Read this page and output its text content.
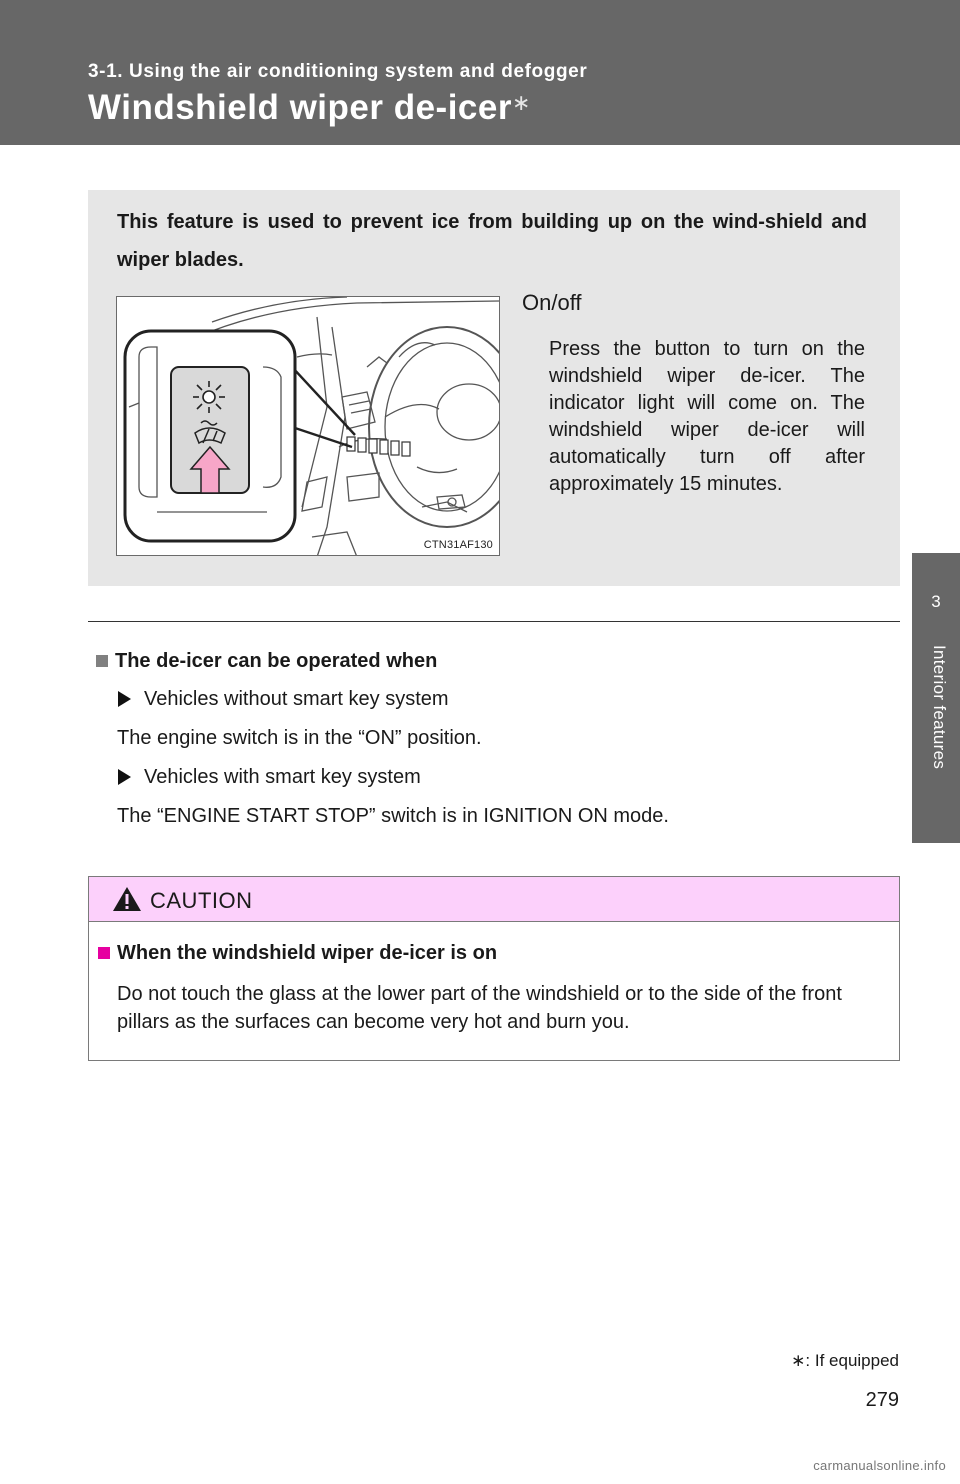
3-1. Using the air conditioning system and defogger
Windshield wiper de-icer∗
3
Interior features
This feature is used to prevent ice from building up on the wind-shield and wiper blades.
CTN31AF130
On/off
Press the button to turn on the windshield wiper de-icer. The indicator light will come on. The windshield wiper de-icer will automatically turn off after approximately 15 minutes.
The de-icer can be operated when
Vehicles without smart key system
The engine switch is in the “ON” position.
Vehicles with smart key system
The “ENGINE START STOP” switch is in IGNITION ON mode.
CAUTION
When the windshield wiper de-icer is on
Do not touch the glass at the lower part of the windshield or to the side of the front pillars as the surfaces can become very hot and burn you.
∗: If equipped
279
carmanualsonline.info
